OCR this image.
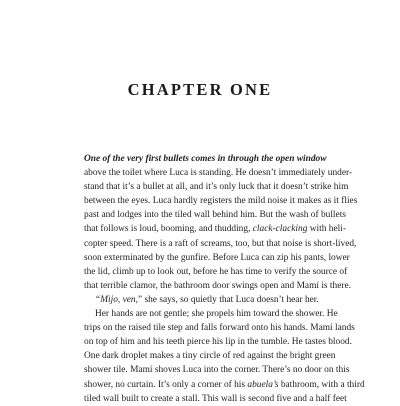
CHAPTER ONE

One of the very first bullets comes in through the open window
above the toilet where Luca is standing. He doesn’t immediately under-
stand that it’s a bullet at all, and it’s only luck that it doesn’t strike him
between the eyes. Luca hardly registers the mild noise it makes as it flies
past and lodges into the tiled wall behind him. But the wash of bullets
that follows is loud, booming, and thudding, clack-clacking with heli-
copter speed. There is a raft of screams, too, but that noise is short-lived,
soon exterminated by the gunfire. Before Luca can zip his pants, lower
the lid, climb up to look out, before he has time to verify the source of
that terrible clamor, the bathroom door swings open and Mamí is there.

“Mijo, ven,” she says, so quietly that Luca doesn’t hear her.

Her hands are not gentle; she propels him toward the shower. He
trips on the raised tile step and falls forward onto his hands. Mamí lands
on top of him and his teeth pierce his lip in the tumble. He tastes blood.
One dark droplet makes a tiny circle of red against the bright green
shower tile. Mamí shoves Luca into the corner. There’s no door on this
shower, no curtain. It’s only a corner of his abuela’s bathroom, with a third
tiled wall built to create a stall. This wall is second five and a half feet
